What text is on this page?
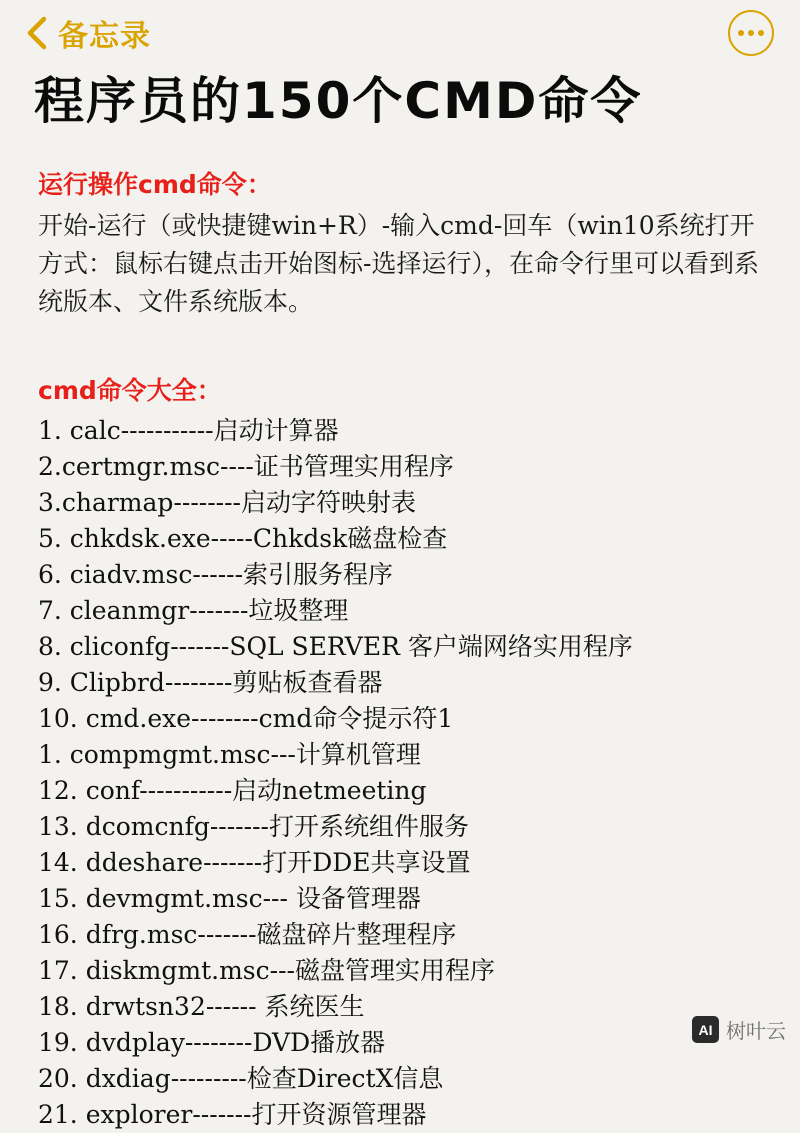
备忘录
程序员的150个CMD命令
运行操作cmd命令：

开始-运行（或快捷键win+R）-输入cmd-回车（win10系统打开方式：鼠标右键点击开始图标-选择运行），在命令行里可以看到系统版本、文件系统版本。

cmd命令大全：
1. calc-----------启动计算器
2.certmgr.msc----证书管理实用程序
3.charmap--------启动字符映射表
5. chkdsk.exe-----Chkdsk磁盘检查
6. ciadv.msc------索引服务程序
7. cleanmgr-------垃圾整理
8. cliconfg-------SQL SERVER 客户端网络实用程序
9. Clipbrd--------剪贴板查看器
10. cmd.exe--------cmd命令提示符1
1. compmgmt.msc---计算机管理
12. conf-----------启动netmeeting
13. dcomcnfg-------打开系统组件服务
14. ddeshare-------打开DDE共享设置
15. devmgmt.msc--- 设备管理器
16. dfrg.msc-------磁盘碎片整理程序
17. diskmgmt.msc---磁盘管理实用程序
18. drwtsn32------ 系统医生
19. dvdplay--------DVD播放器
20. dxdiag---------检查DirectX信息
21. explorer-------打开资源管理器
AI 树叶云
